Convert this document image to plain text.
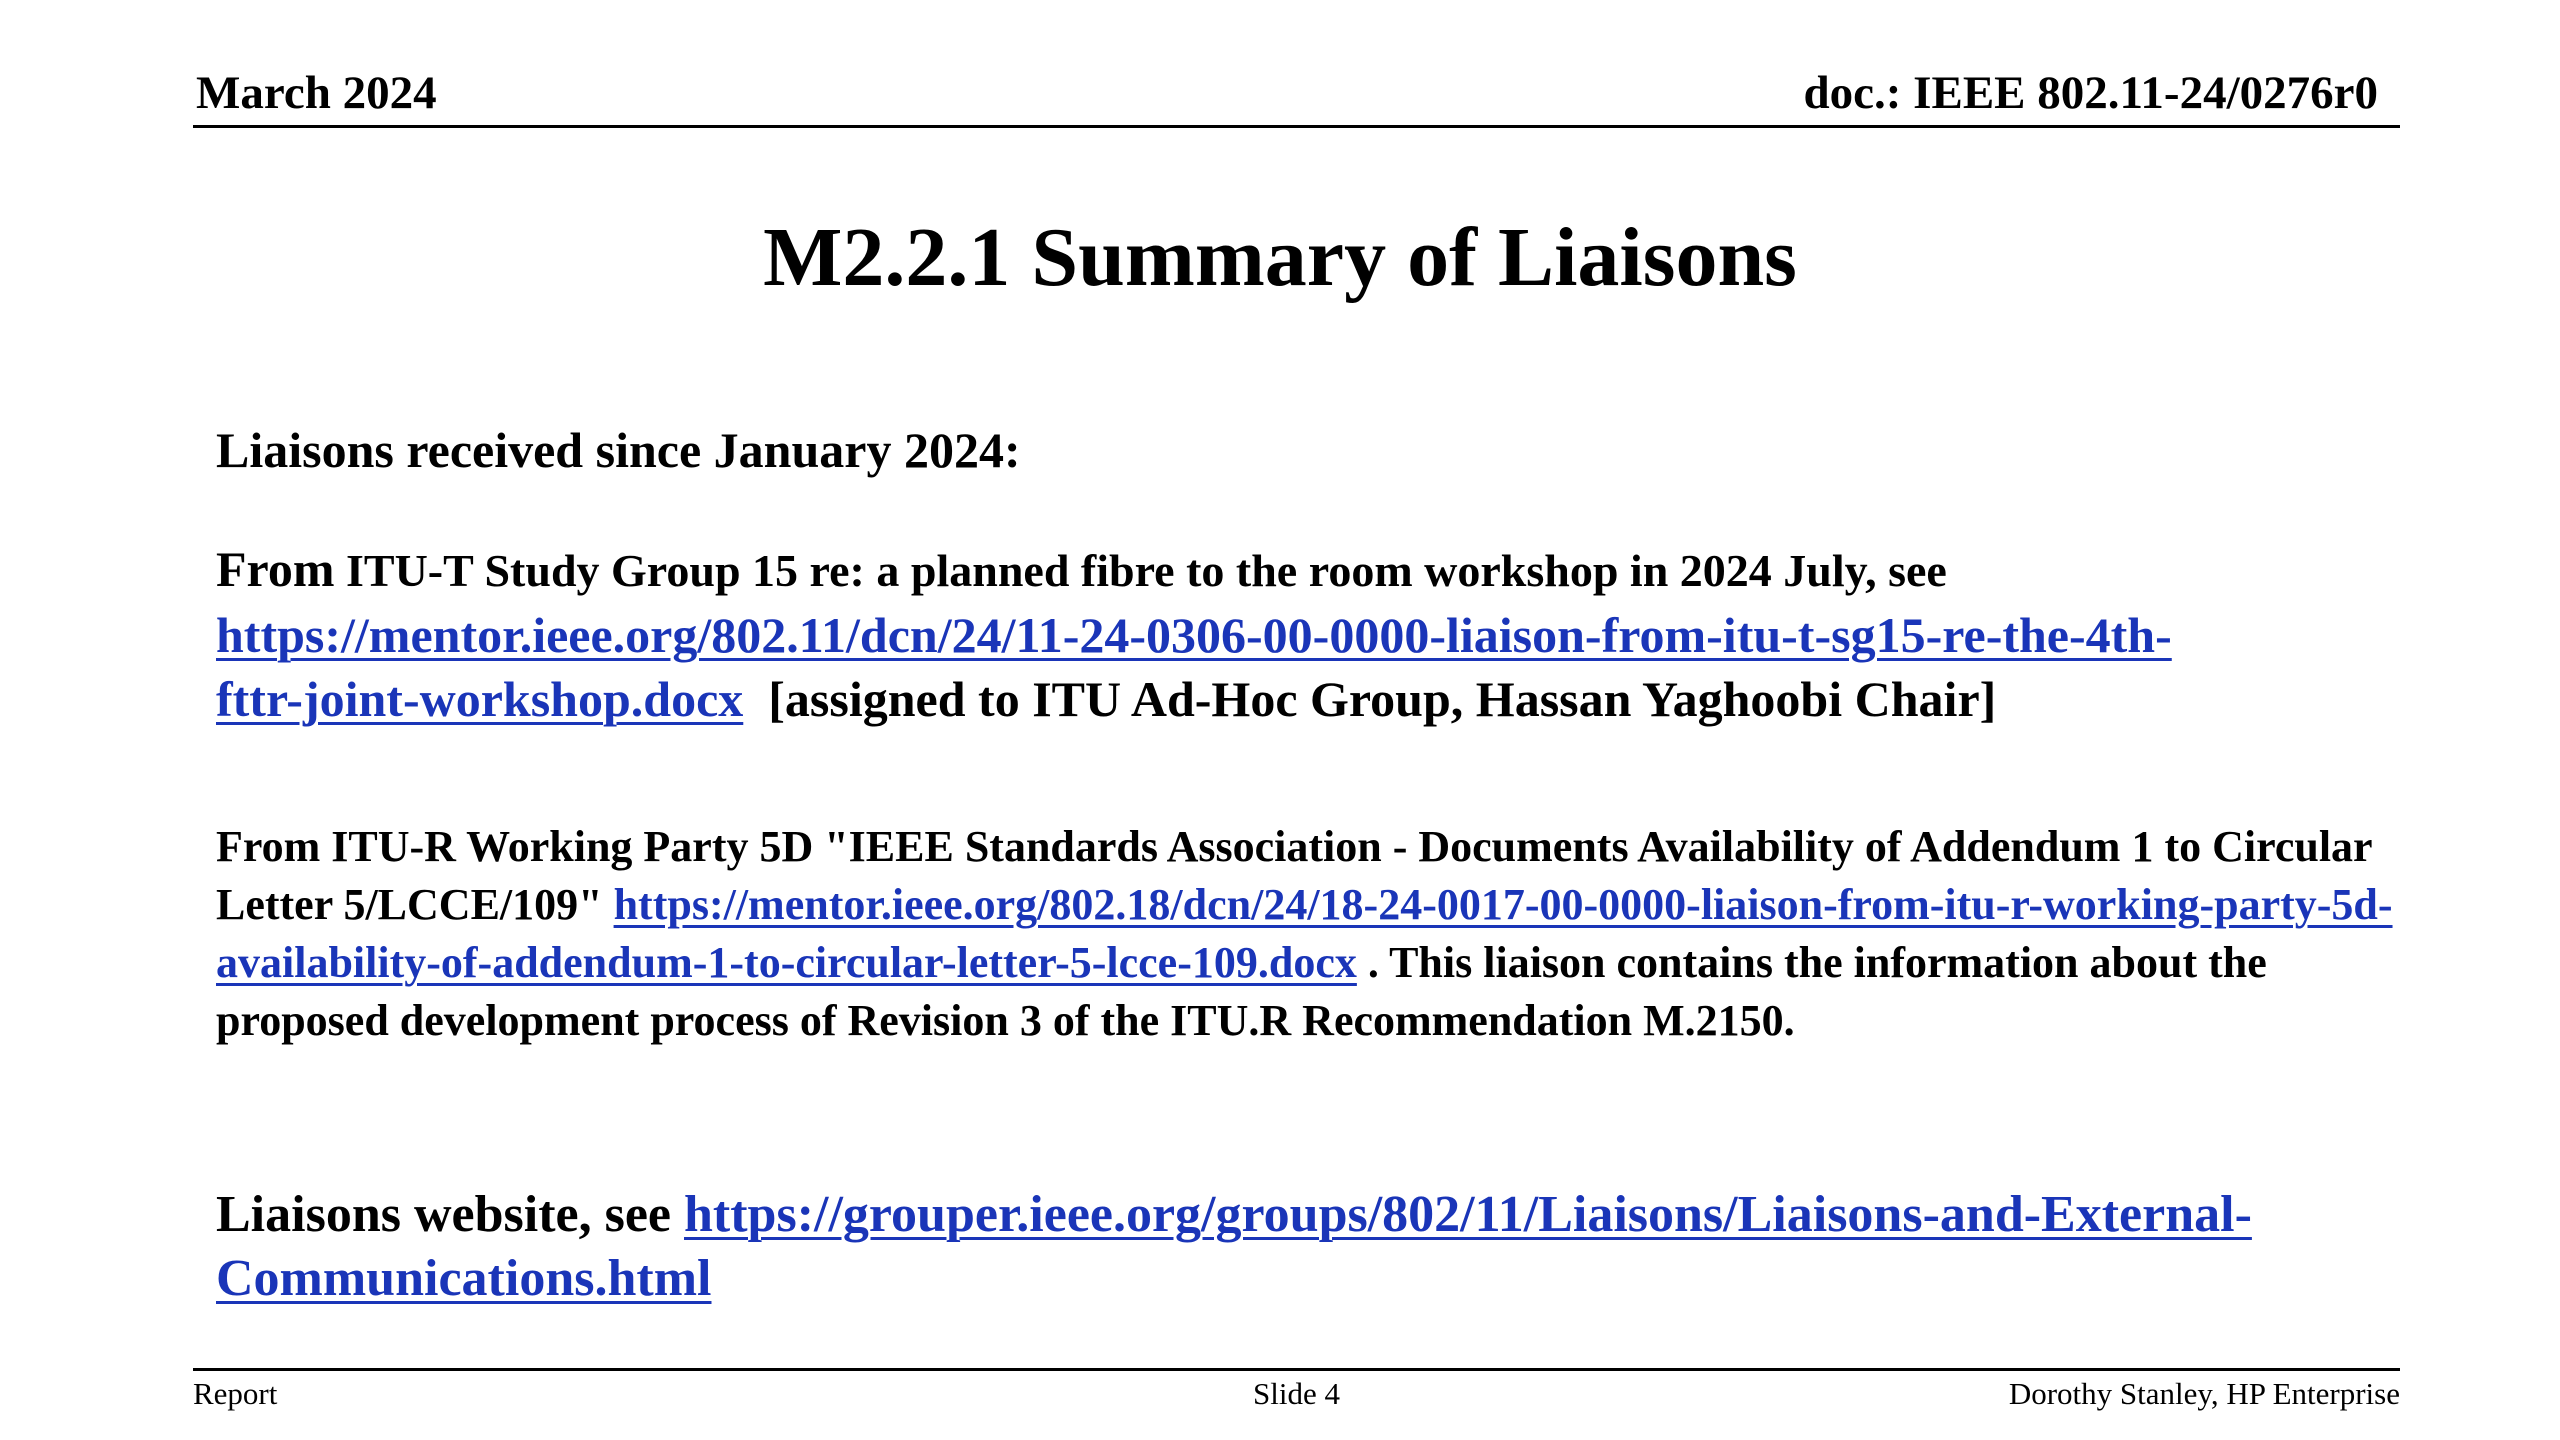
March 2024	doc.: IEEE 802.11-24/0276r0
M2.2.1 Summary of Liaisons
Liaisons received since January 2024:
From ITU-T Study Group 15 re: a planned fibre to the room workshop in 2024 July, see
https://mentor.ieee.org/802.11/dcn/24/11-24-0306-00-0000-liaison-from-itu-t-sg15-re-the-4th-
fttr-joint-workshop.docx  [assigned to ITU Ad-Hoc Group, Hassan Yaghoobi Chair]
From ITU-R Working Party 5D "IEEE Standards Association - Documents Availability of Addendum 1 to Circular Letter 5/LCCE/109" https://mentor.ieee.org/802.18/dcn/24/18-24-0017-00-0000-liaison-from-itu-r-working-party-5d-availability-of-addendum-1-to-circular-letter-5-lcce-109.docx . This liaison contains the information about the proposed development process of Revision 3 of the ITU.R Recommendation M.2150.
Liaisons website, see https://grouper.ieee.org/groups/802/11/Liaisons/Liaisons-and-External-
Communications.html
Report	Slide 4	Dorothy Stanley, HP Enterprise
